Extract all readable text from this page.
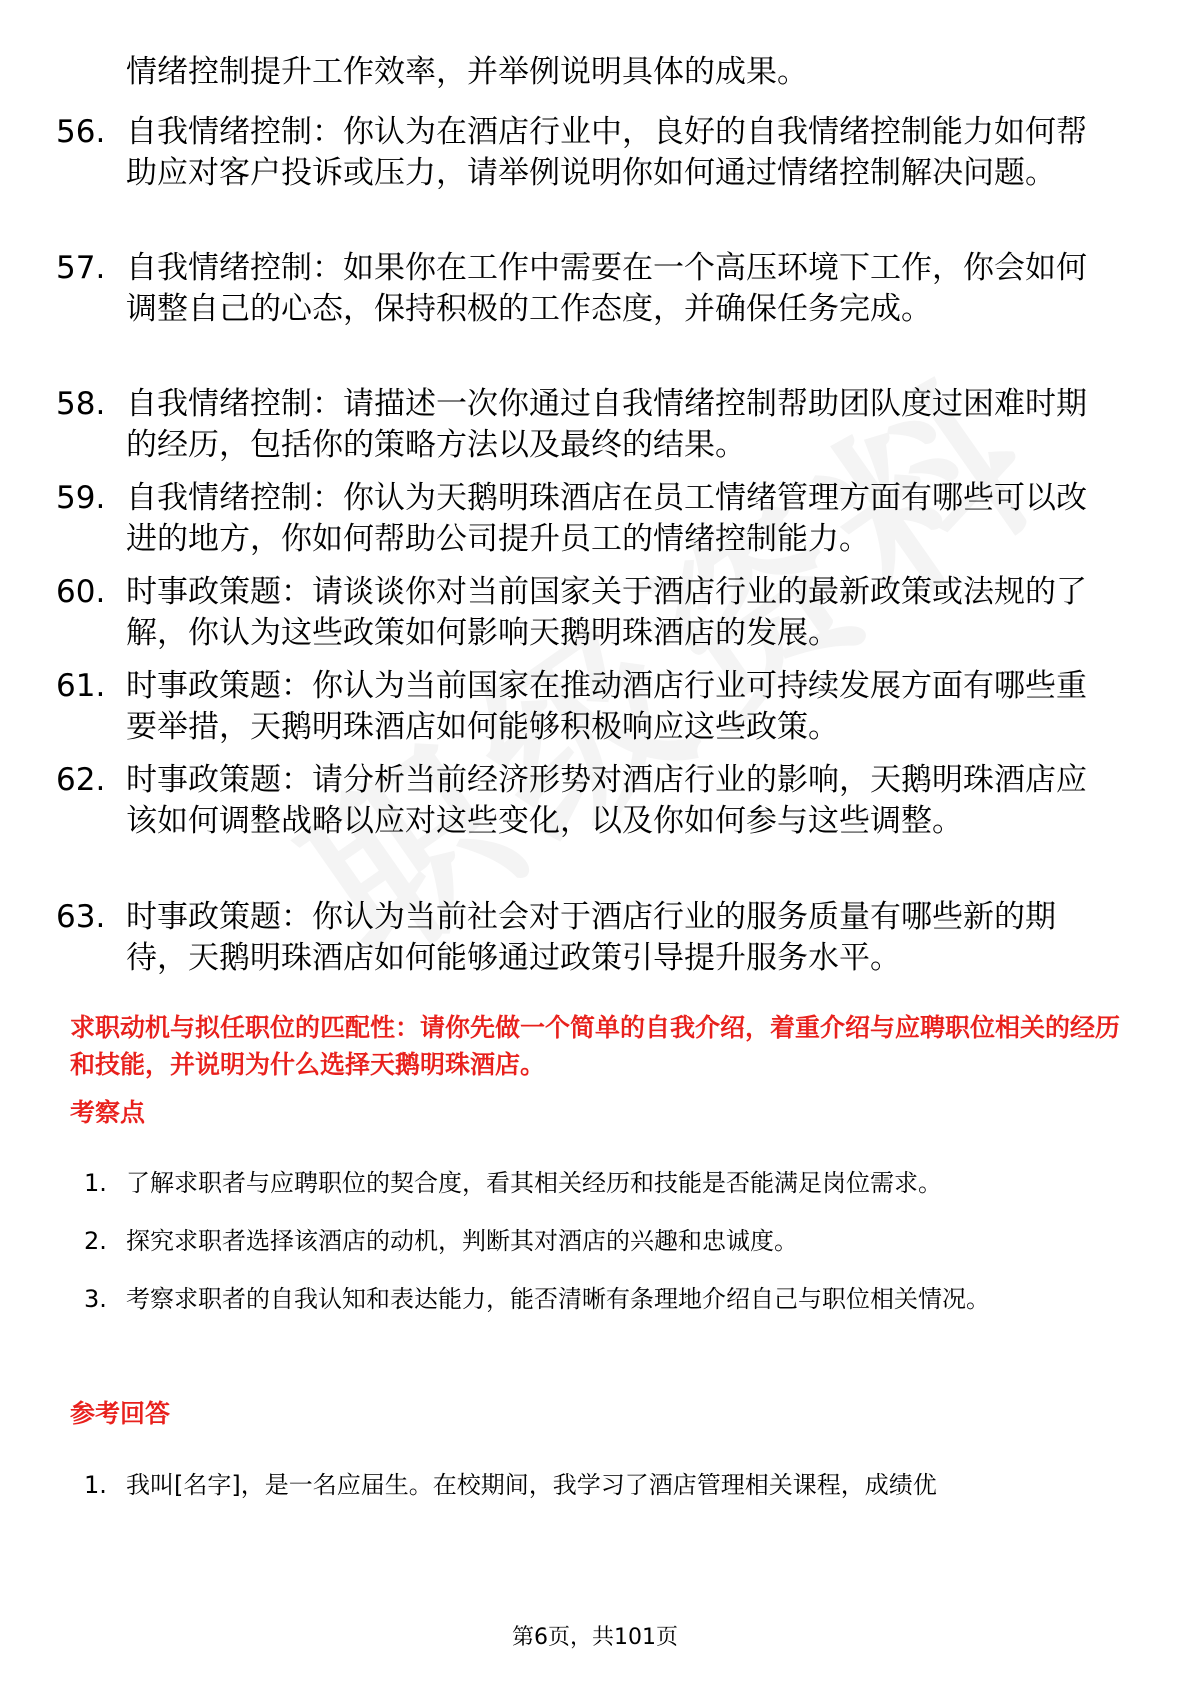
情绪控制提升工作效率，并举例说明具体的成果。
56. 自我情绪控制：你认为在酒店行业中，良好的自我情绪控制能力如何帮助应对客户投诉或压力，请举例说明你如何通过情绪控制解决问题。
57. 自我情绪控制：如果你在工作中需要在一个高压环境下工作，你会如何调整自己的心态，保持积极的工作态度，并确保任务完成。
58. 自我情绪控制：请描述一次你通过自我情绪控制帮助团队度过困难时期的经历，包括你的策略方法以及最终的结果。
59. 自我情绪控制：你认为天鹅明珠酒店在员工情绪管理方面有哪些可以改进的地方，你如何帮助公司提升员工的情绪控制能力。
60. 时事政策题：请谈谈你对当前国家关于酒店行业的最新政策或法规的了解，你认为这些政策如何影响天鹅明珠酒店的发展。
61. 时事政策题：你认为当前国家在推动酒店行业可持续发展方面有哪些重要举措，天鹅明珠酒店如何能够积极响应这些政策。
62. 时事政策题：请分析当前经济形势对酒店行业的影响，天鹅明珠酒店应该如何调整战略以应对这些变化，以及你如何参与这些调整。
63. 时事政策题：你认为当前社会对于酒店行业的服务质量有哪些新的期待，天鹅明珠酒店如何能够通过政策引导提升服务水平。
求职动机与拟任职位的匹配性：请你先做一个简单的自我介绍，着重介绍与应聘职位相关的经历和技能，并说明为什么选择天鹅明珠酒店。
考察点
1. 了解求职者与应聘职位的契合度，看其相关经历和技能是否能满足岗位需求。
2. 探究求职者选择该酒店的动机，判断其对酒店的兴趣和忠诚度。
3. 考察求职者的自我认知和表达能力，能否清晰有条理地介绍自己与职位相关情况。
参考回答
1. 我叫[名字]，是一名应届生。在校期间，我学习了酒店管理相关课程，成绩优
第6页，共101页
